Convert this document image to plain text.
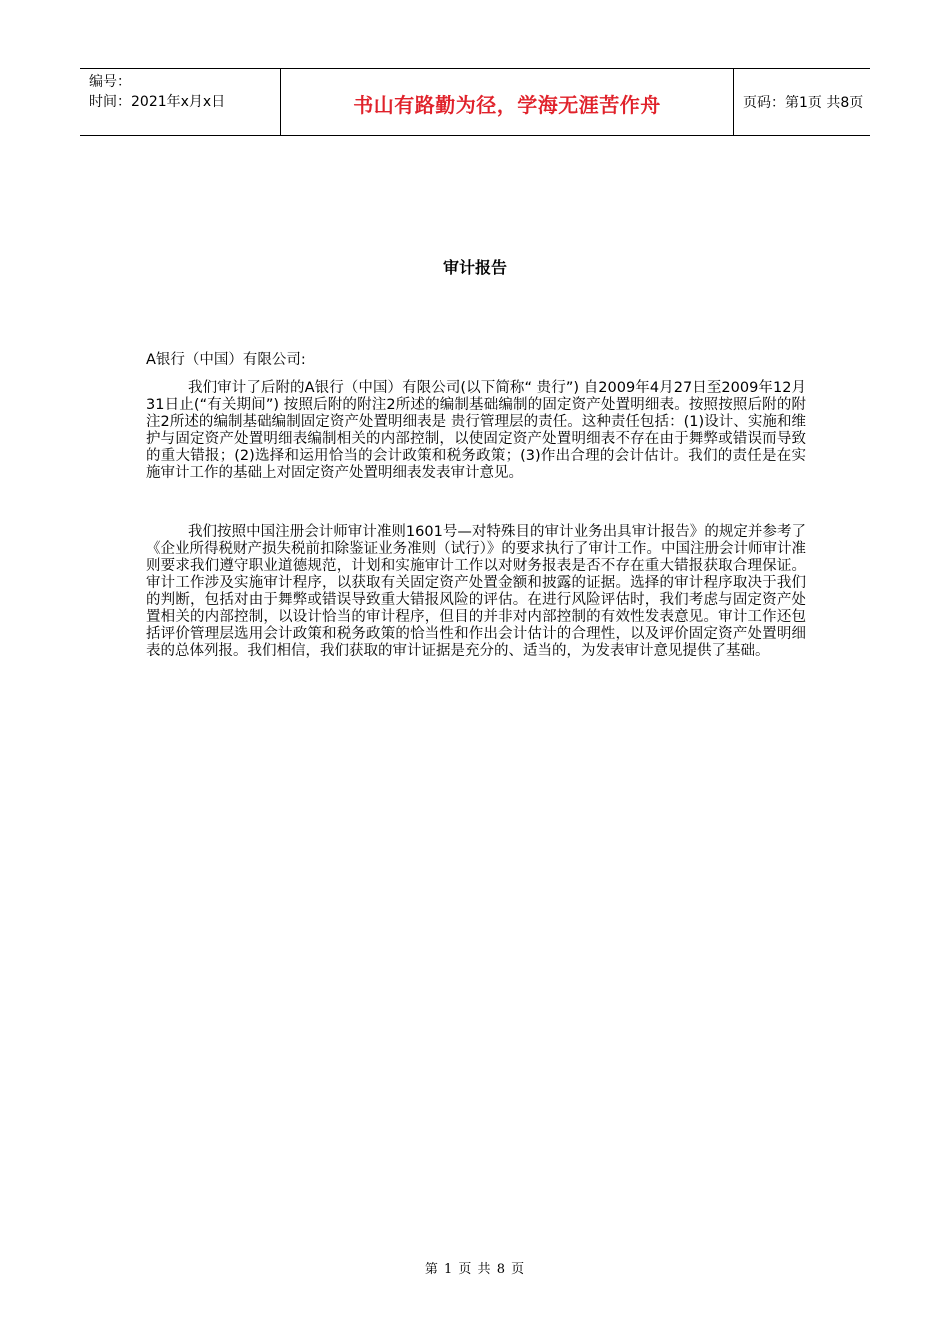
编号：
时间：2021年x月x日	书山有路勤为径，学海无涯苦作舟	页码：第1页 共8页
审计报告
A银行（中国）有限公司:

我们审计了后附的A银行（中国）有限公司(以下简称“ 贵行”) 自2009年4月27日至2009年12月31日止(“有关期间”) 按照后附的附注2所述的编制基础编制的固定资产处置明细表。按照按照后附的附注2所述的编制基础编制固定资产处置明细表是 贵行管理层的责任。这种责任包括：(1)设计、实施和维护与固定资产处置明细表编制相关的内部控制，以使固定资产处置明细表不存在由于舞弊或错误而导致的重大错报；(2)选择和运用恰当的会计政策和税务政策；(3)作出合理的会计估计。我们的责任是在实施审计工作的基础上对固定资产处置明细表发表审计意见。

我们按照中国注册会计师审计准则1601号—对特殊目的审计业务出具审计报告》的规定并参考了《企业所得税财产损失税前扣除鉴证业务准则（试行）》的要求执行了审计工作。中国注册会计师审计准则要求我们遵守职业道德规范，计划和实施审计工作以对财务报表是否不存在重大错报获取合理保证。审计工作涉及实施审计程序，以获取有关固定资产处置金额和披露的证据。选择的审计程序取决于我们的判断，包括对由于舞弊或错误导致重大错报风险的评估。在进行风险评估时，我们考虑与固定资产处置相关的内部控制，以设计恰当的审计程序，但目的并非对内部控制的有效性发表意见。审计工作还包括评价管理层选用会计政策和税务政策的恰当性和作出会计估计的合理性，以及评价固定资产处置明细表的总体列报。我们相信，我们获取的审计证据是充分的、适当的，为发表审计意见提供了基础。

第 1 页 共 8 页
